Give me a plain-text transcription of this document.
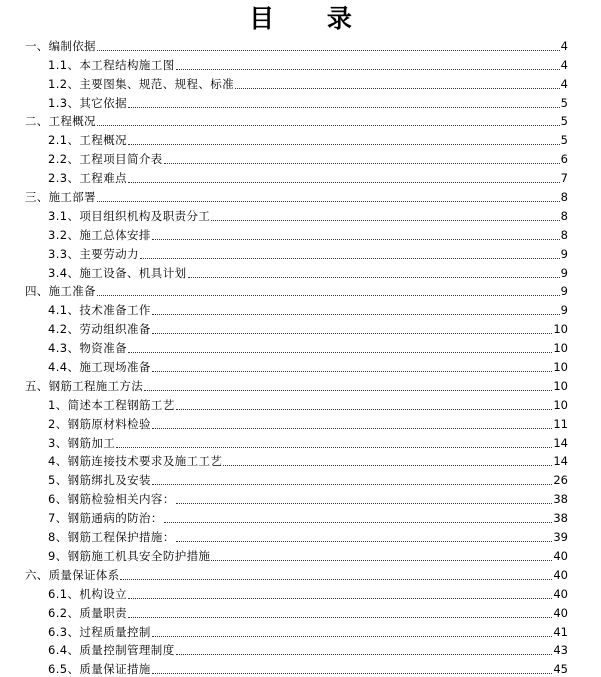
目 录
一、编制依据	4
1.1、本工程结构施工图	4
1.2、主要图集、规范、规程、标准	4
1.3、其它依据	5
二、工程概况	5
2.1、工程概况	5
2.2、工程项目简介表	6
2.3、工程难点	7
三、施工部署	8
3.1、项目组织机构及职责分工	8
3.2、施工总体安排	8
3.3、主要劳动力	9
3.4、施工设备、机具计划	9
四、施工准备	9
4.1、技术准备工作	9
4.2、劳动组织准备	10
4.3、物资准备	10
4.4、施工现场准备	10
五、钢筋工程施工方法	10
1、简述本工程钢筋工艺	10
2、钢筋原材料检验	11
3、钢筋加工	14
4、钢筋连接技术要求及施工工艺	14
5、钢筋绑扎及安装	26
6、钢筋检验相关内容：	38
7、钢筋通病的防治：	38
8、钢筋工程保护措施：	39
9、钢筋施工机具安全防护措施	40
六、质量保证体系	40
6.1、机构设立	40
6.2、质量职责	40
6.3、过程质量控制	41
6.4、质量控制管理制度	43
6.5、质量保证措施	45
